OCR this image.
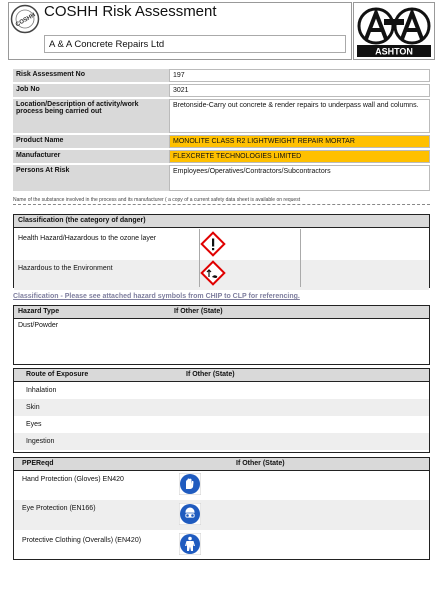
COSHH
COSHH Risk Assessment
A & A Concrete Repairs Ltd
ASHTON
Risk Assessment No	197
Job No	3021
Location/Description of activity/work process being carried out	Bretonside-Carry out concrete & render repairs to underpass wall and columns.
Product Name	MONOLITE CLASS R2 LIGHTWEIGHT REPAIR MORTAR
Manufacturer	FLEXCRETE TECHNOLOGIES LIMITED
Persons At Risk	Employees/Operatives/Contractors/Subcontractors
Name of the substance involved in the process and its manufacturer ( a copy of a current safety data sheet is available on request
Classification (the category of danger)
Health Hazard/Hazardous to the ozone layer
Hazardous to the Environment
Classification - Please see attached hazard symbols from CHIP to CLP for referencing.
Hazard Type	If Other (State)
Dust/Powder
Route of Exposure	If Other (State)
Inhalation
Skin
Eyes
Ingestion
PPEReqd	If Other (State)
Hand Protection (Gloves) EN420
Eye Protection (EN166)
Protective Clothing (Overalls) (EN420)
